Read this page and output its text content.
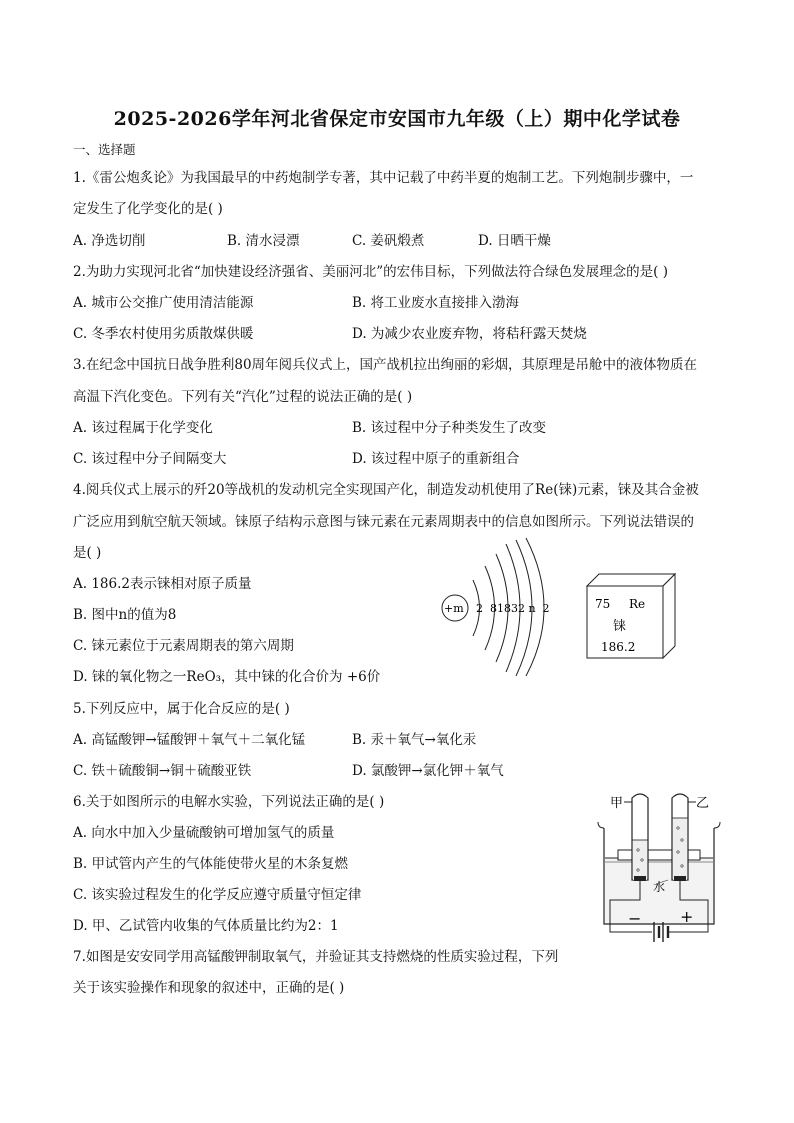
2025-2026学年河北省保定市安国市九年级（上）期中化学试卷
一、选择题
1.《雷公炮炙论》为我国最早的中药炮制学专著，其中记载了中药半夏的炮制工艺。下列炮制步骤中，一
定发生了化学变化的是( )
A. 净选切削	B. 清水浸漂	C. 姜矾煅煮	D. 日晒干燥
2.为助力实现河北省“加快建设经济强省、美丽河北”的宏伟目标，下列做法符合绿色发展理念的是( )
A. 城市公交推广使用清洁能源	B. 将工业废水直接排入渤海
C. 冬季农村使用劣质散煤供暖	D. 为减少农业废弃物，将秸秆露天焚烧
3.在纪念中国抗日战争胜利80周年阅兵仪式上，国产战机拉出绚丽的彩烟，其原理是吊舱中的液体物质在
高温下汽化变色。下列有关“汽化”过程的说法正确的是( )
A. 该过程属于化学变化	B. 该过程中分子种类发生了改变
C. 该过程中分子间隔变大	D. 该过程中原子的重新组合
4.阅兵仪式上展示的歼20等战机的发动机完全实现国产化，制造发动机使用了Re(铼)元素，铼及其合金被
广泛应用到航空航天领域。铼原子结构示意图与铼元素在元素周期表中的信息如图所示。下列说法错误的
是( )
A. 186.2表示铼相对原子质量
B. 图中n的值为8
C. 铼元素位于元素周期表的第六周期
D. 铼的氧化物之一ReO₃，其中铼的化合价为 +6价
+m 2  81832 n  2	75 Re
铼
186.2
5.下列反应中，属于化合反应的是( )
A. 高锰酸钾→锰酸钾＋氧气＋二氧化锰	B. 汞＋氧气→氧化汞
C. 铁＋硫酸铜→铜＋硫酸亚铁	D. 氯酸钾→氯化钾＋氧气
6.关于如图所示的电解水实验，下列说法正确的是( )
A. 向水中加入少量硫酸钠可增加氢气的质量
B. 甲试管内产生的气体能使带火星的木条复燃
C. 该实验过程发生的化学反应遵守质量守恒定律
D. 甲、乙试管内收集的气体质量比约为2：1
甲	乙
水
− +
7.如图是安安同学用高锰酸钾制取氧气，并验证其支持燃烧的性质实验过程，下列
关于该实验操作和现象的叙述中，正确的是( )
